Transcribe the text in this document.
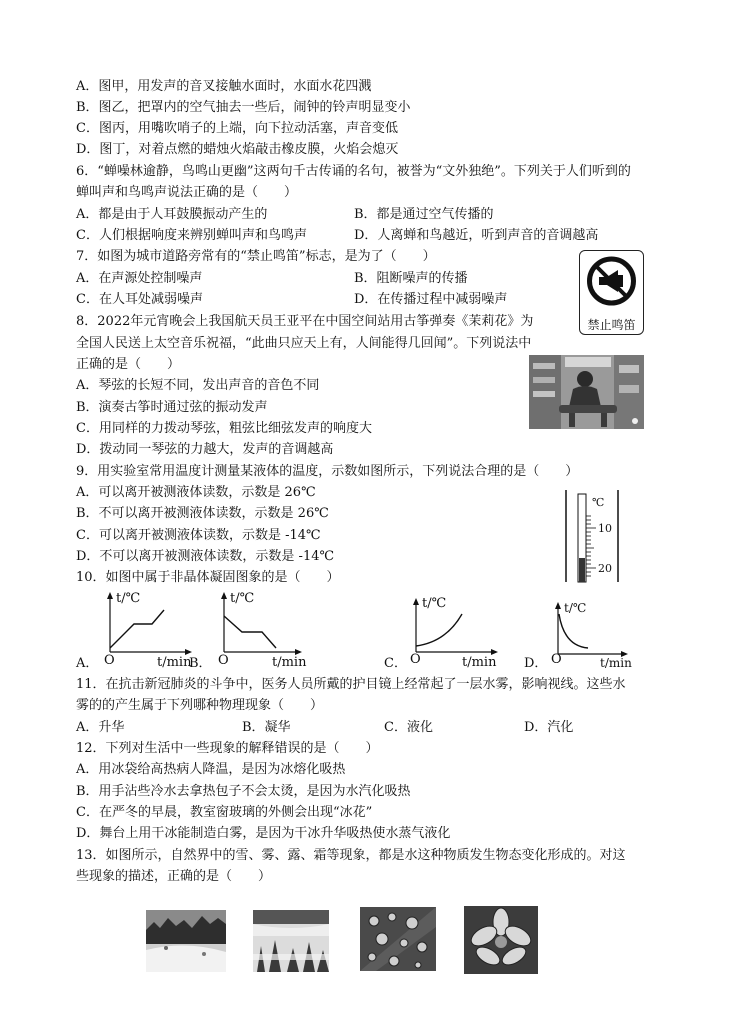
A．图甲，用发声的音叉接触水面时，水面水花四溅
B．图乙，把罩内的空气抽去一些后，闹钟的铃声明显变小
C．图丙，用嘴吹哨子的上端，向下拉动活塞，声音变低
D．图丁，对着点燃的蜡烛火焰敲击橡皮膜，火焰会熄灭
6．“蝉噪林逾静，鸟鸣山更幽”这两句千古传诵的名句，被誉为“文外独绝”。下列关于人们听到的
蝉叫声和鸟鸣声说法正确的是（　　）
A．都是由于人耳鼓膜振动产生的	B．都是通过空气传播的
C．人们根据响度来辨别蝉叫声和鸟鸣声	D．人离蝉和鸟越近，听到声音的音调越高
7．如图为城市道路旁常有的“禁止鸣笛”标志，是为了（　　）
A．在声源处控制噪声	B．阻断噪声的传播
C．在人耳处减弱噪声	D．在传播过程中减弱噪声
禁止鸣笛
8．2022年元宵晚会上我国航天员王亚平在中国空间站用古筝弹奏《茉莉花》为
全国人民送上太空音乐祝福，“此曲只应天上有，人间能得几回闻”。下列说法中
正确的是（　　）
A．琴弦的长短不同，发出声音的音色不同
B．演奏古筝时通过弦的振动发声
C．用同样的力拨动琴弦，粗弦比细弦发声的响度大
D．拨动同一琴弦的力越大，发声的音调越高
9．用实验室常用温度计测量某液体的温度，示数如图所示，下列说法合理的是（　　）
A．可以离开被测液体读数，示数是 26℃
B．不可以离开被测液体读数，示数是 26℃
C．可以离开被测液体读数，示数是 -14℃
D．不可以离开被测液体读数，示数是 -14℃
℃
10
20
10．如图中属于非晶体凝固图象的是（　　）
t/℃
O	t/min
A．
t/℃
O	t/min
B．
t/℃
O	t/min
C．
t/℃
O	t/min
D．
11．在抗击新冠肺炎的斗争中，医务人员所戴的护目镜上经常起了一层水雾，影响视线。这些水
雾的的产生属于下列哪种物理现象（　　）
A．升华	B．凝华	C．液化	D．汽化
12．下列对生活中一些现象的解释错误的是（　　）
A．用冰袋给高热病人降温，是因为冰熔化吸热
B．用手沾些冷水去拿热包子不会太烫，是因为水汽化吸热
C．在严冬的早晨，教室窗玻璃的外侧会出现“冰花”
D．舞台上用干冰能制造白雾，是因为干冰升华吸热使水蒸气液化
13．如图所示，自然界中的雪、雾、露、霜等现象，都是水这种物质发生物态变化形成的。对这
些现象的描述，正确的是（　　）
